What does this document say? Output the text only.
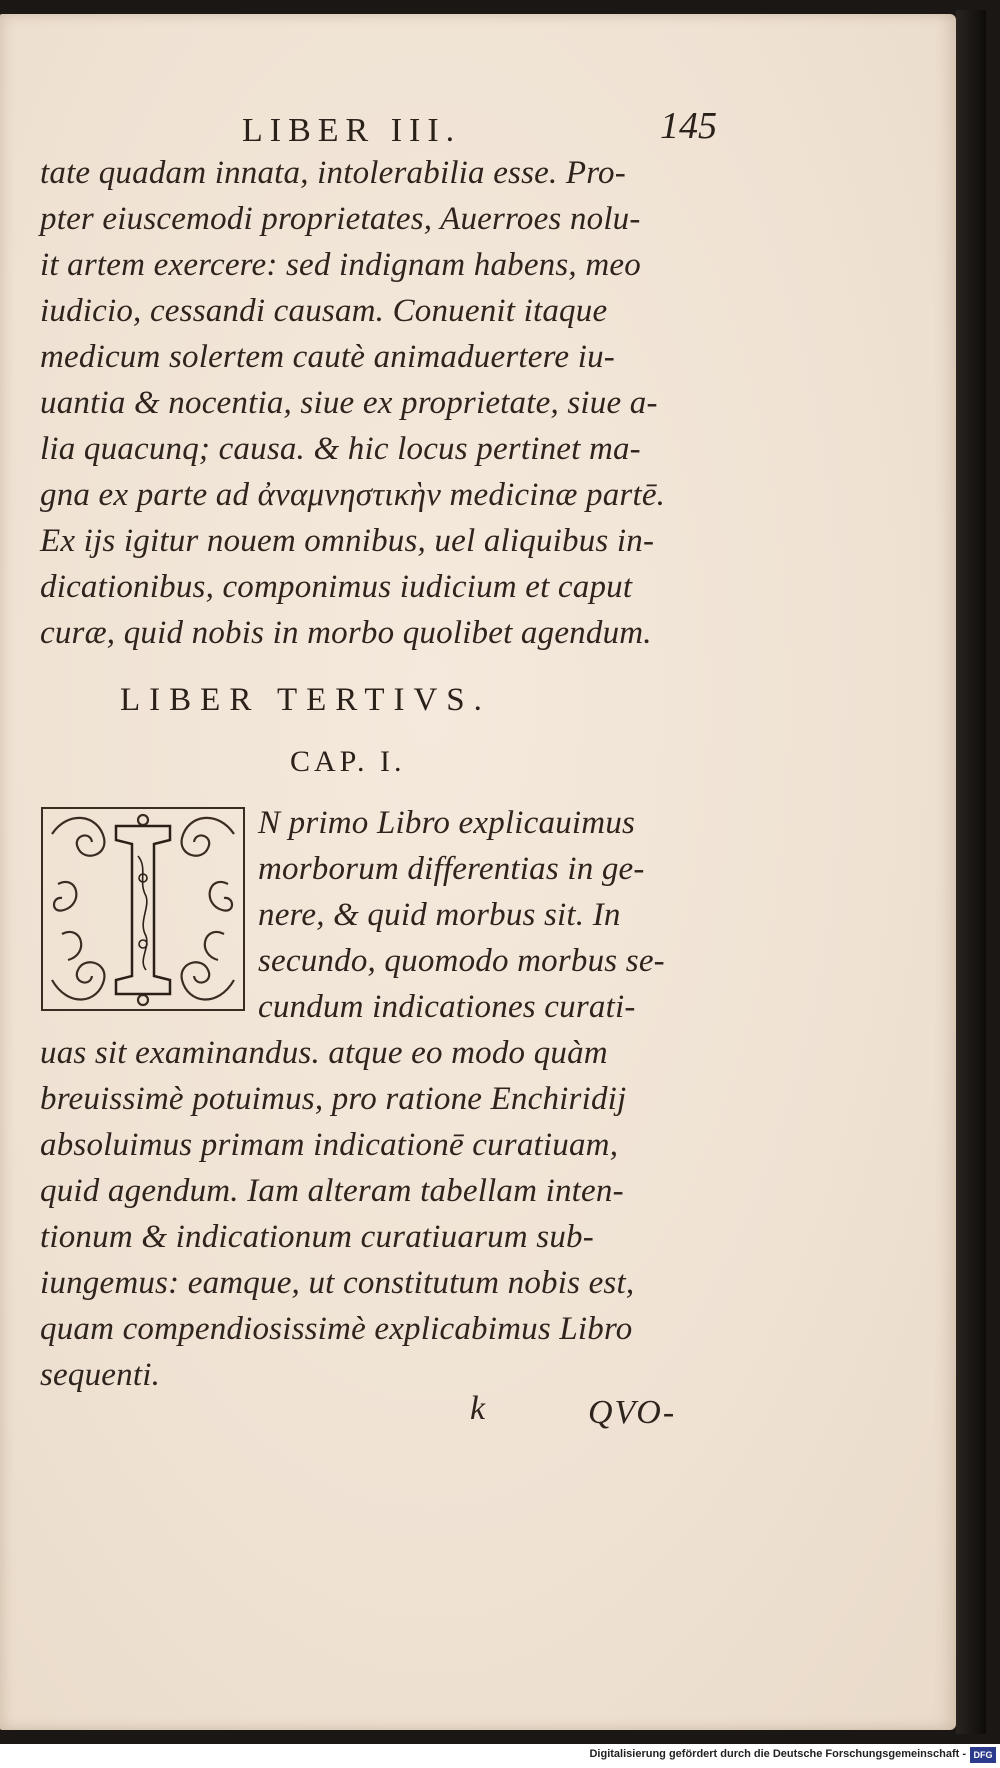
LIBER III.	145
tate quadam innata, intolerabilia esse. Pro-
pter eiuscemodi proprietates, Auerroes nolu-
it artem exercere: sed indignam habens, meo
iudicio, cessandi causam. Conuenit itaque
medicum solertem cautè animaduertere iu-
uantia & nocentia, siue ex proprietate, siue a-
lia quacunq; causa. & hic locus pertinet ma-
gna ex parte ad ἀναμνηστικὴν medicinæ partē.
Ex ijs igitur nouem omnibus, uel aliquibus in-
dicationibus, componimus iudicium et caput
curæ, quid nobis in morbo quolibet agendum.
LIBER TERTIVS.
CAP. I.
N primo Libro explicauimus
morborum differentias in ge-
nere, & quid morbus sit. In
secundo, quomodo morbus se-
cundum indicationes curati-
uas sit examinandus. atque eo modo quàm
breuissimè potuimus, pro ratione Enchiridij
absoluimus primam indicationē curatiuam,
quid agendum. Iam alteram tabellam inten-
tionum & indicationum curatiuarum sub-
iungemus: eamque, ut constitutum nobis est,
quam compendiosissimè explicabimus Libro
sequenti.
k	QVO-
Digitalisierung gefördert durch die Deutsche Forschungsgemeinschaft - DFG
